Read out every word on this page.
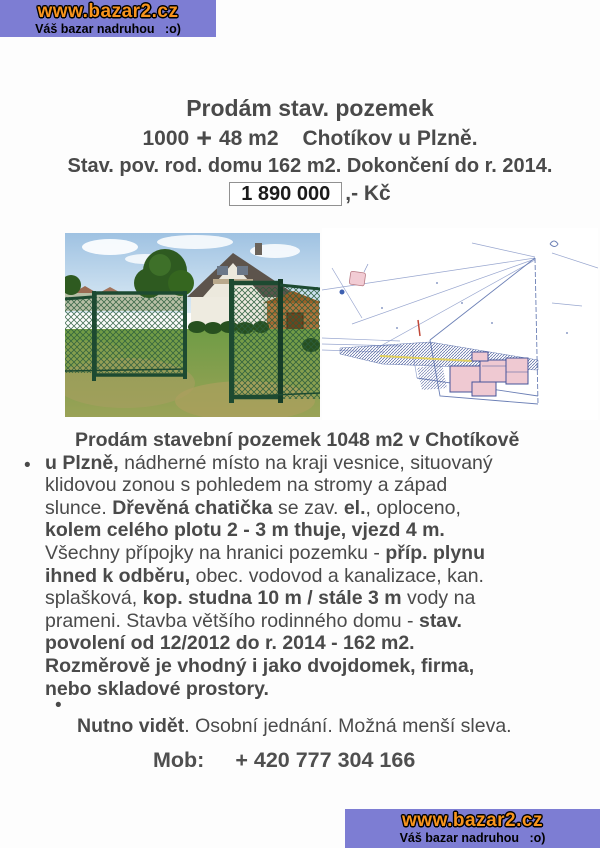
www.bazar2.cz
Váš bazar nadruhou   :o)
Prodám stav. pozemek
1000 + 48 m2 Chotíkov u Plzně.
Stav. pov. rod. domu 162 m2. Dokončení do r. 2014.
1 890 000 ,- Kč
•
•
Prodám stavební pozemek 1048 m2 v Chotíkově
u Plzně, nádherné místo na kraji vesnice, situovaný
klidovou zonou s pohledem na stromy a západ
slunce. Dřevěná chatička se zav. el., oploceno,
kolem celého plotu 2 - 3 m thuje, vjezd 4 m.
Všechny přípojky na hranici pozemku - příp. plynu
ihned k odběru, obec. vodovod a kanalizace, kan.
splašková, kop. studna 10 m / stále 3 m vody na
prameni. Stavba většího rodinného domu - stav.
povolení od 12/2012 do r. 2014 - 162 m2.
Rozměrově je vhodný i jako dvojdomek, firma,
nebo skladové prostory.
Nutno vidět. Osobní jednání. Možná menší sleva.
Mob: + 420 777 304 166
www.bazar2.cz
Váš bazar nadruhou   :o)
